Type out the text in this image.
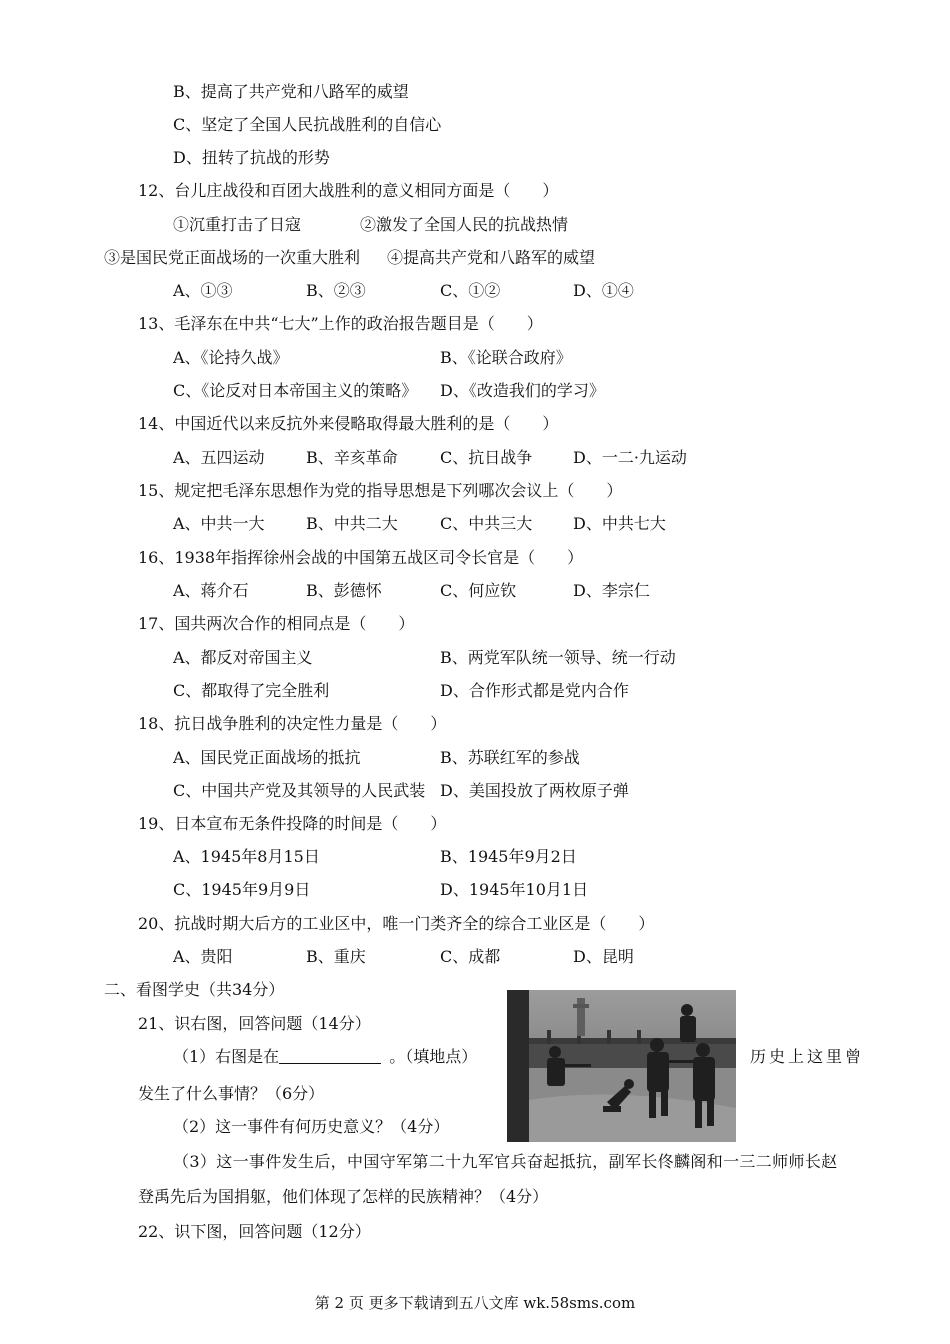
B、提高了共产党和八路军的威望
C、坚定了全国人民抗战胜利的自信心
D、扭转了抗战的形势
12、台儿庄战役和百团大战胜利的意义相同方面是（　　）
①沉重打击了日寇	②激发了全国人民的抗战热情
③是国民党正面战场的一次重大胜利 ④提高共产党和八路军的威望
A、①③	B、②③	C、①②	D、①④
13、毛泽东在中共“七大”上作的政治报告题目是（　　）
A、《论持久战》	B、《论联合政府》
C、《论反对日本帝国主义的策略》 D、《改造我们的学习》
14、中国近代以来反抗外来侵略取得最大胜利的是（　　）
A、五四运动	B、辛亥革命	C、抗日战争	D、一二·九运动
15、规定把毛泽东思想作为党的指导思想是下列哪次会议上（　　）
A、中共一大	B、中共二大	C、中共三大	D、中共七大
16、1938年指挥徐州会战的中国第五战区司令长官是（　　）
A、蒋介石	B、彭德怀	C、何应钦	D、李宗仁
17、国共两次合作的相同点是（　　）
A、都反对帝国主义	B、两党军队统一领导、统一行动
C、都取得了完全胜利	D、合作形式都是党内合作
18、抗日战争胜利的决定性力量是（　　）
A、国民党正面战场的抵抗	B、苏联红军的参战
C、中国共产党及其领导的人民武装 D、美国投放了两枚原子弹
19、日本宣布无条件投降的时间是（　　）
A、1945年8月15日	B、1945年9月2日
C、1945年9月9日	D、1945年10月1日
20、抗战时期大后方的工业区中，唯一门类齐全的综合工业区是（　　）
A、贵阳	B、重庆	C、成都	D、昆明
二、看图学史（共34分）
21、识右图，回答问题（14分）
（1）右图是在	。（填地点）	历史上这里曾
发生了什么事情？（6分）
（2）这一事件有何历史意义？（4分）
（3）这一事件发生后，中国守军第二十九军官兵奋起抵抗，副军长佟麟阁和一三二师师长赵
登禹先后为国捐躯，他们体现了怎样的民族精神？（4分）
22、识下图，回答问题（12分）
第 2 页 更多下载请到五八文库 wk.58sms.com
